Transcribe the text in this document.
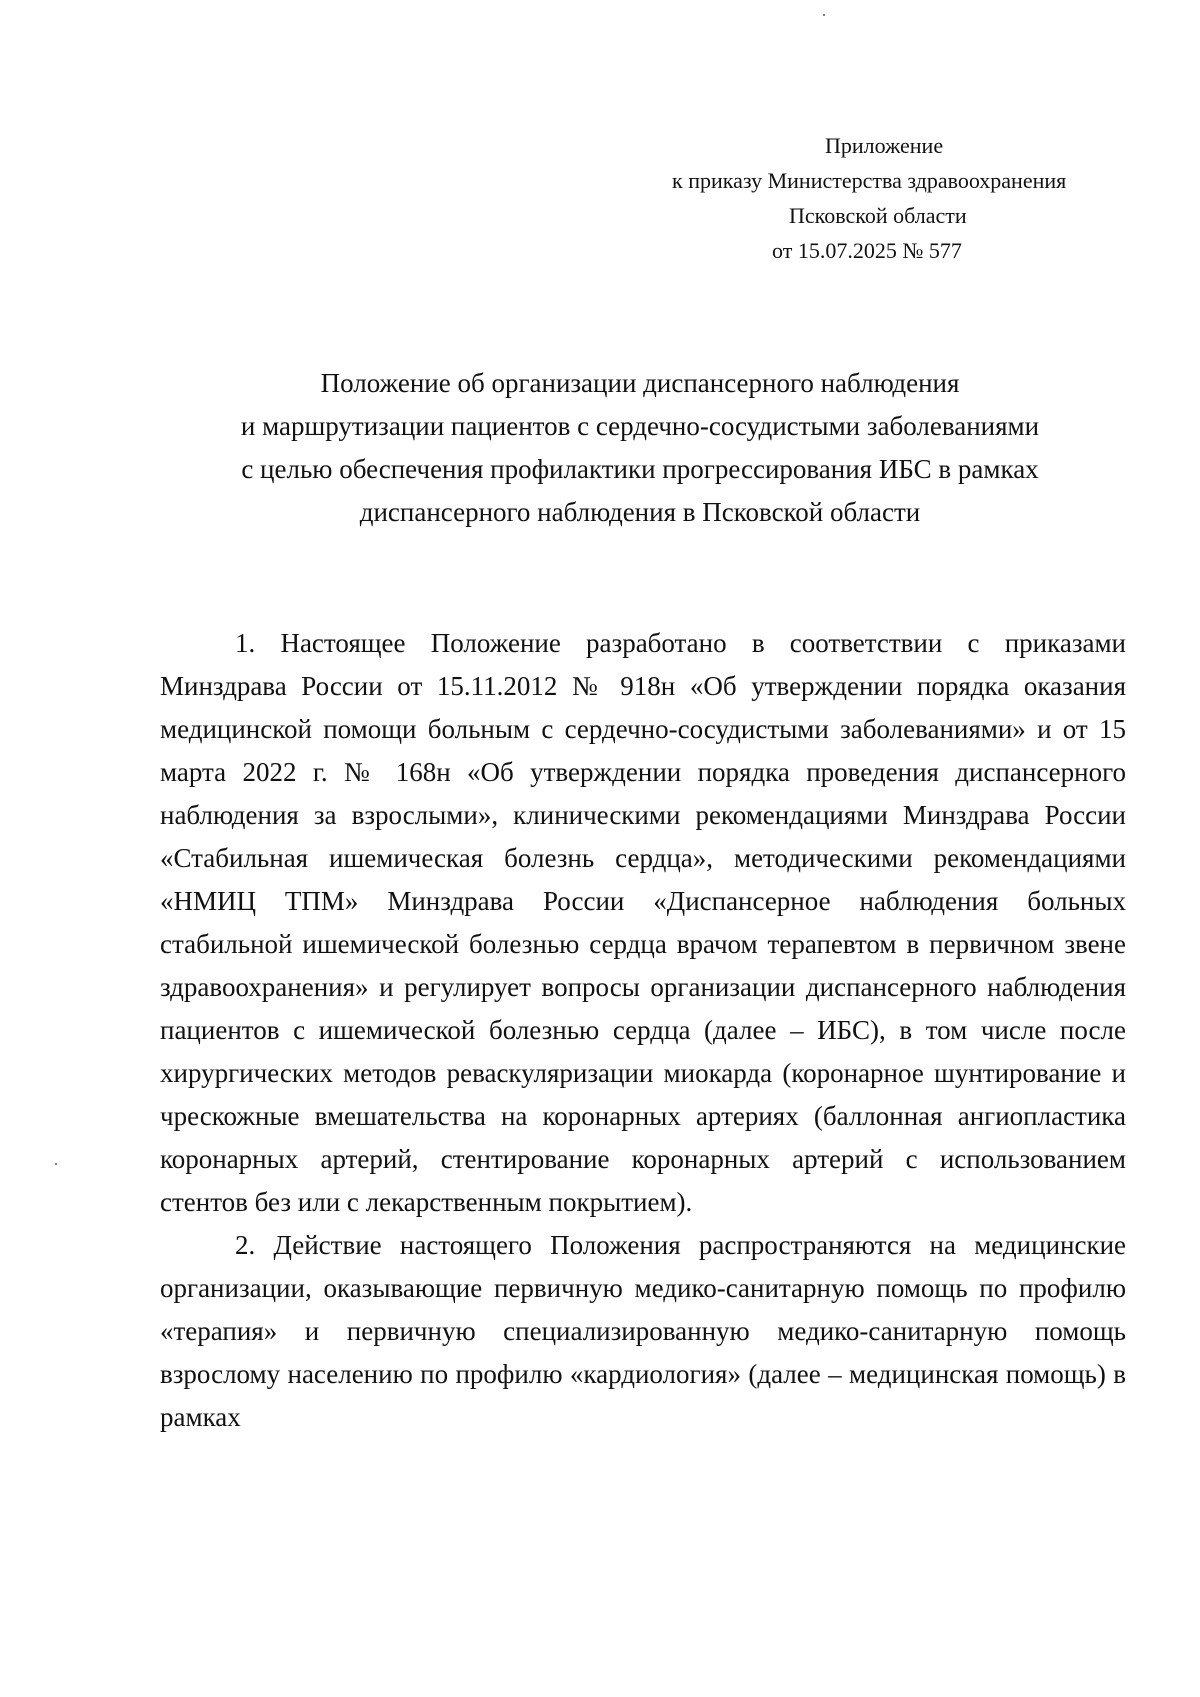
Приложение
к приказу Министерства здравоохранения
Псковской области
от 15.07.2025 № 577
Положение об организации диспансерного наблюдения
и маршрутизации пациентов с сердечно-сосудистыми заболеваниями
с целью обеспечения профилактики прогрессирования ИБС в рамках
диспансерного наблюдения в Псковской области

1. Настоящее Положение разработано в соответствии с приказами Минздрава России от 15.11.2012 № 918н «Об утверждении порядка оказания медицинской помощи больным с сердечно-сосудистыми заболеваниями» и от 15 марта 2022 г. № 168н «Об утверждении порядка проведения диспансерного наблюдения за взрослыми», клиническими рекомендациями Минздрава России «Стабильная ишемическая болезнь сердца», методическими рекомендациями «НМИЦ ТПМ» Минздрава России «Диспансерное наблюдения больных стабильной ишемической болезнью сердца врачом терапевтом в первичном звене здравоохранения» и регулирует вопросы организации диспансерного наблюдения пациентов с ишемической болезнью сердца (далее – ИБС), в том числе после хирургических методов реваскуляризации миокарда (коронарное шунтирование и чрескожные вмешательства на коронарных артериях (баллонная ангиопластика коронарных артерий, стентирование коронарных артерий с использованием стентов без или с лекарственным покрытием).

2. Действие настоящего Положения распространяются на медицинские организации, оказывающие первичную медико-санитарную помощь по профилю «терапия» и первичную специализированную медико-санитарную помощь взрослому населению по профилю «кардиология» (далее – медицинская помощь) в рамках
